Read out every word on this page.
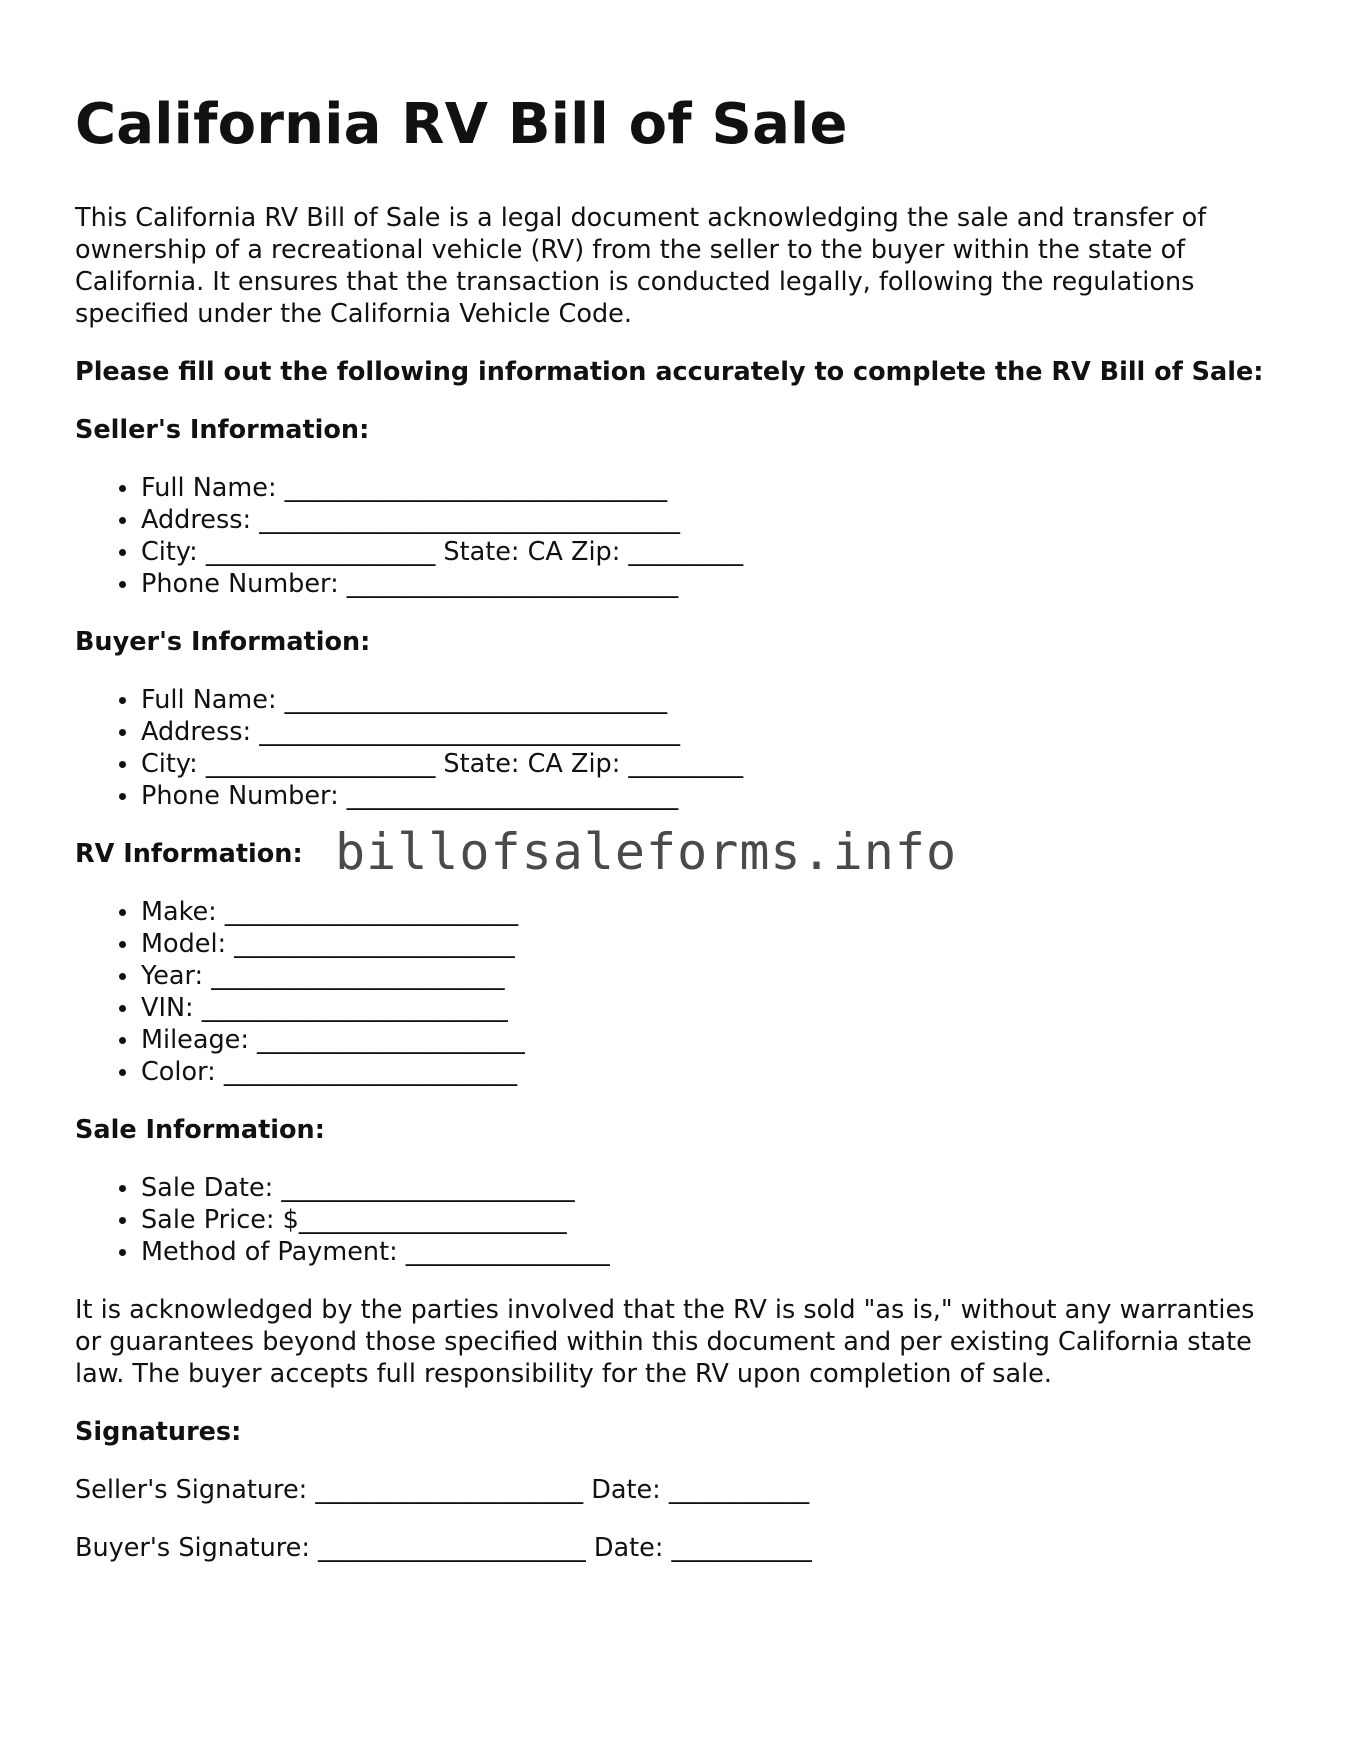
California RV Bill of Sale

This California RV Bill of Sale is a legal document acknowledging the sale and transfer of ownership of a recreational vehicle (RV) from the seller to the buyer within the state of California. It ensures that the transaction is conducted legally, following the regulations specified under the California Vehicle Code.

Please fill out the following information accurately to complete the RV Bill of Sale:

Seller's Information:
Full Name: ______________________________
Address: _________________________________
City: __________________ State: CA Zip: _________
Phone Number: __________________________
Buyer's Information:
Full Name: ______________________________
Address: _________________________________
City: __________________ State: CA Zip: _________
Phone Number: __________________________
RV Information: billofsaleforms.info
Make: _______________________
Model: ______________________
Year: _______________________
VIN: ________________________
Mileage: _____________________
Color: _______________________
Sale Information:
Sale Date: _______________________
Sale Price: $_____________________
Method of Payment: ________________

It is acknowledged by the parties involved that the RV is sold "as is," without any warranties or guarantees beyond those specified within this document and per existing California state law. The buyer accepts full responsibility for the RV upon completion of sale.

Signatures:
Seller's Signature: _____________________ Date: ___________
Buyer's Signature: _____________________ Date: ___________
